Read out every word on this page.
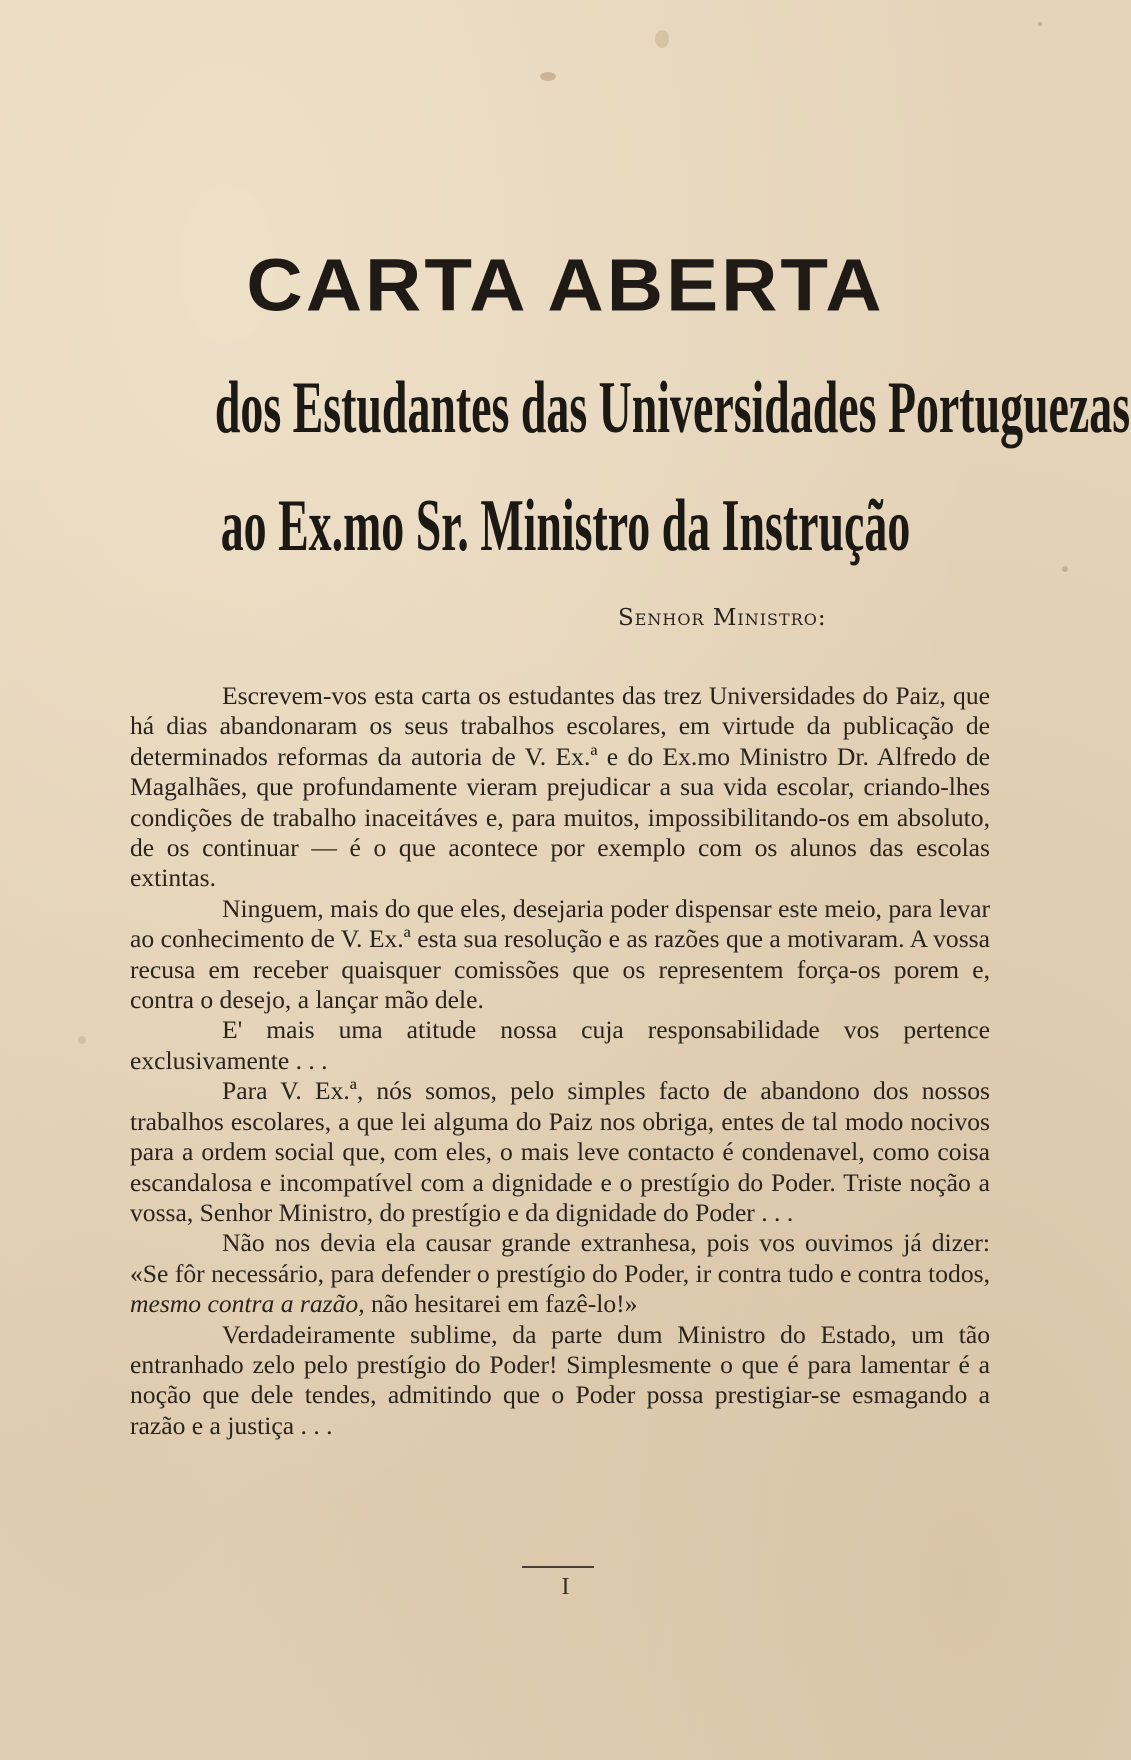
CARTA ABERTA
dos Estudantes das Universidades Portuguezas
ao Ex.mo Sr. Ministro da Instrução
Senhor Ministro:

Escrevem-vos esta carta os estudantes das trez Universidades do Paiz, que há dias abandonaram os seus trabalhos escolares, em virtude da publicação de determinados reformas da autoria de V. Ex.ª e do Ex.mo Ministro Dr. Alfredo de Magalhães, que profundamente vieram prejudicar a sua vida escolar, criando-lhes condições de trabalho inaceitáves e, para muitos, impossibilitando-os em absoluto, de os continuar — é o que acontece por exemplo com os alunos das escolas extintas.

Ninguem, mais do que eles, desejaria poder dispensar este meio, para levar ao conhecimento de V. Ex.ª esta sua resolução e as razões que a motivaram. A vossa recusa em receber quaisquer comissões que os representem força-os porem e, contra o desejo, a lançar mão dele.

E' mais uma atitude nossa cuja responsabilidade vos pertence exclusivamente . . .

Para V. Ex.ª, nós somos, pelo simples facto de abandono dos nossos trabalhos escolares, a que lei alguma do Paiz nos obriga, entes de tal modo nocivos para a ordem social que, com eles, o mais leve contacto é condenavel, como coisa escandalosa e incompatível com a dignidade e o prestígio do Poder. Triste noção a vossa, Senhor Ministro, do prestígio e da dignidade do Poder . . .

Não nos devia ela causar grande extranhesa, pois vos ouvimos já dizer: «Se fôr necessário, para defender o prestígio do Poder, ir contra tudo e contra todos, mesmo contra a razão, não hesitarei em fazê-lo!»

Verdadeiramente sublime, da parte dum Ministro do Estado, um tão entranhado zelo pelo prestígio do Poder! Simplesmente o que é para lamentar é a noção que dele tendes, admitindo que o Poder possa prestigiar-se esmagando a razão e a justiça . . .

I
